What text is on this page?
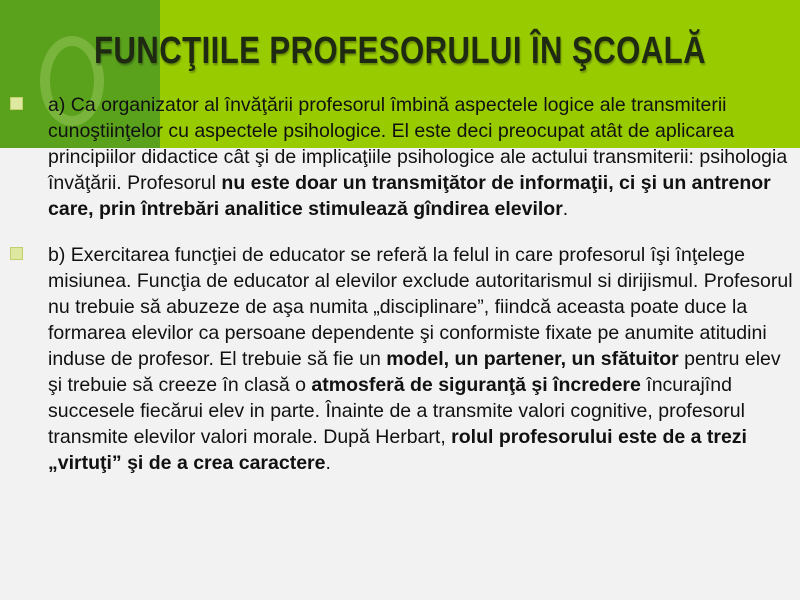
FUNCŢIILE PROFESORULUI ÎN ŞCOALĂ
a) Ca organizator al învăţării profesorul îmbină aspectele logice ale transmiterii cunoştiinţelor cu aspectele psihologice. El este deci preocupat atât de aplicarea principiilor didactice cât şi de implicaţiile psihologice ale actului transmiterii: psihologia învăţării. Profesorul nu este doar un transmiţător de informaţii, ci şi un antrenor care, prin întrebări analitice stimulează gîndirea elevilor.
b) Exercitarea funcţiei de educator se referă la felul in care profesorul îşi înţelege misiunea. Funcţia de educator al elevilor exclude autoritarismul si dirijismul. Profesorul nu trebuie să abuzeze de aşa numita „disciplinare”, fiindcă aceasta poate duce la formarea elevilor ca persoane dependente şi conformiste fixate pe anumite atitudini induse de profesor. El trebuie să fie un model, un partener, un sfătuitor pentru elev şi trebuie să creeze în clasă o atmosferă de siguranţă şi încredere încurajînd succesele fiecărui elev in parte. Înainte de a transmite valori cognitive, profesorul transmite elevilor valori morale. După Herbart, rolul profesorului este de a trezi „virtuţi” şi de a crea caractere.
